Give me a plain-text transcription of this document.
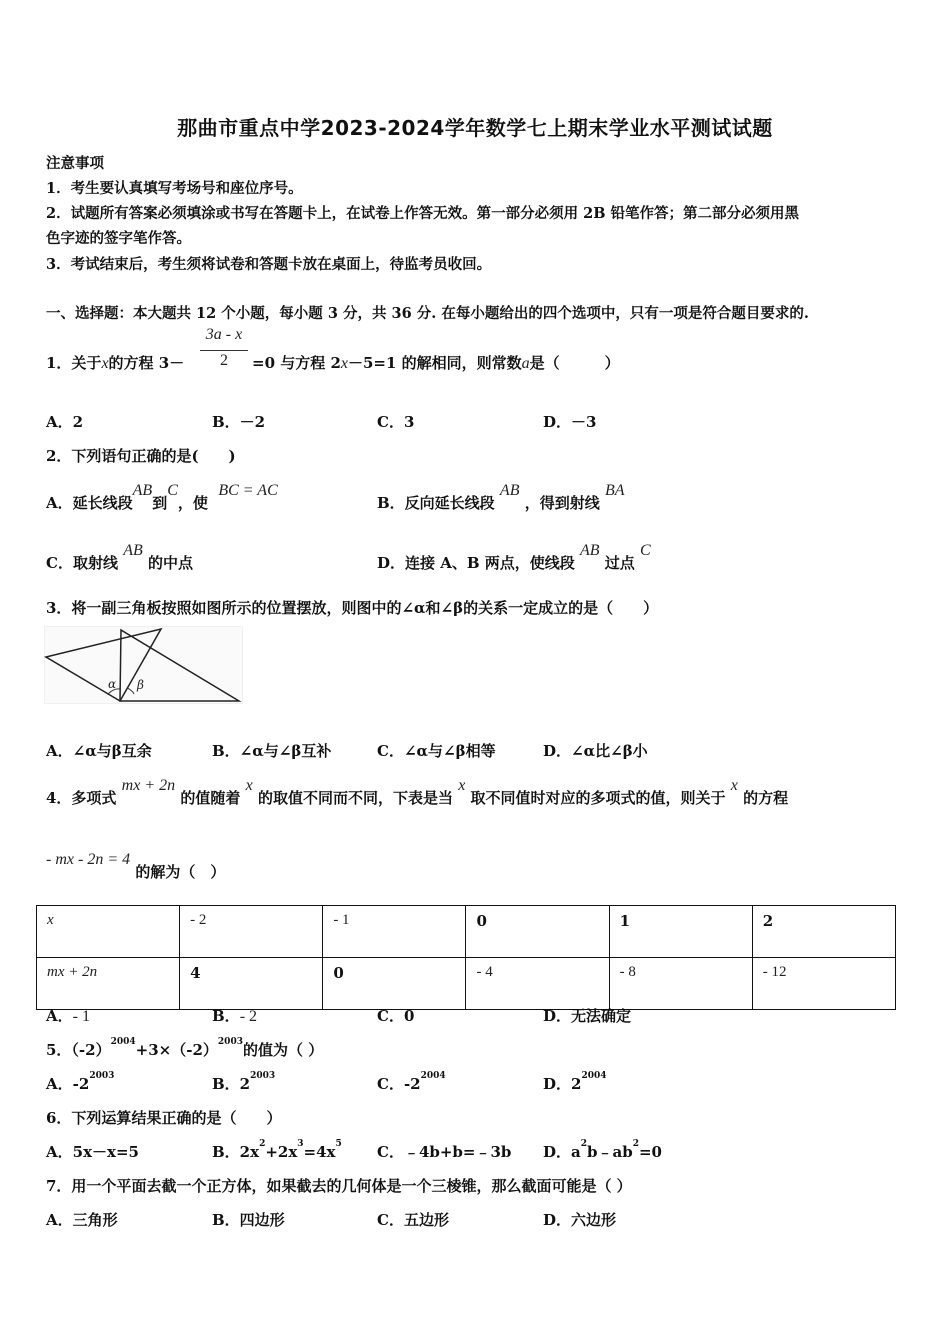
那曲市重点中学2023-2024学年数学七上期末学业水平测试试题
注意事项
1．考生要认真填写考场号和座位序号。
2．试题所有答案必须填涂或书写在答题卡上，在试卷上作答无效。第一部分必须用 2B 铅笔作答；第二部分必须用黑
色字迹的签字笔作答。
3．考试结束后，考生须将试卷和答题卡放在桌面上，待监考员收回。
一、选择题：本大题共 12 个小题，每小题 3 分，共 36 分. 在每小题给出的四个选项中，只有一项是符合题目要求的.
1．关于x的方程 3－
3a - x
2	=0 与方程 2x－5=1 的解相同，则常数a是（　　　）
A．2	B．－2	C．3	D．－3
2．下列语句正确的是(　　)
A．延长线段AB到C，使  BC = AC
B．反向延长线段 AB ，得到射线 BA
C．取射线 AB 的中点	D．连接 A、B 两点，使线段 AB 过点 C
3．将一副三角板按照如图所示的位置摆放，则图中的∠α和∠β的关系一定成立的是（　　）
α β
A．∠α与β互余	B．∠α与∠β互补	C．∠α与∠β相等	D．∠α比∠β小
4．多项式 mx + 2n 的值随着 x 的取值不同而不同，下表是当 x 取不同值时对应的多项式的值，则关于 x 的方程
- mx - 2n = 4 的解为（　）
x	- 2	- 1	0	1	2
mx + 2n	4	0	- 4	- 8	- 12
A．- 1	B．- 2	C．0	D．无法确定
5．$(-2)^{2004}+3\times(-2)^{2003}$的值为（ ）
A．$-2^{2003}$	B．$2^{2003}$	C．$-2^{2004}$	D．$2^{2004}$
6．下列运算结果正确的是（　　）
A．5x－x=5	B．$2x^2+2x^3=4x^5$ C．﹣4b+b=﹣3b D．$a^2b﹣ab^2=0$
7．用一个平面去截一个正方体，如果截去的几何体是一个三棱锥，那么截面可能是（ ）
A．三角形	B．四边形	C．五边形	D．六边形
